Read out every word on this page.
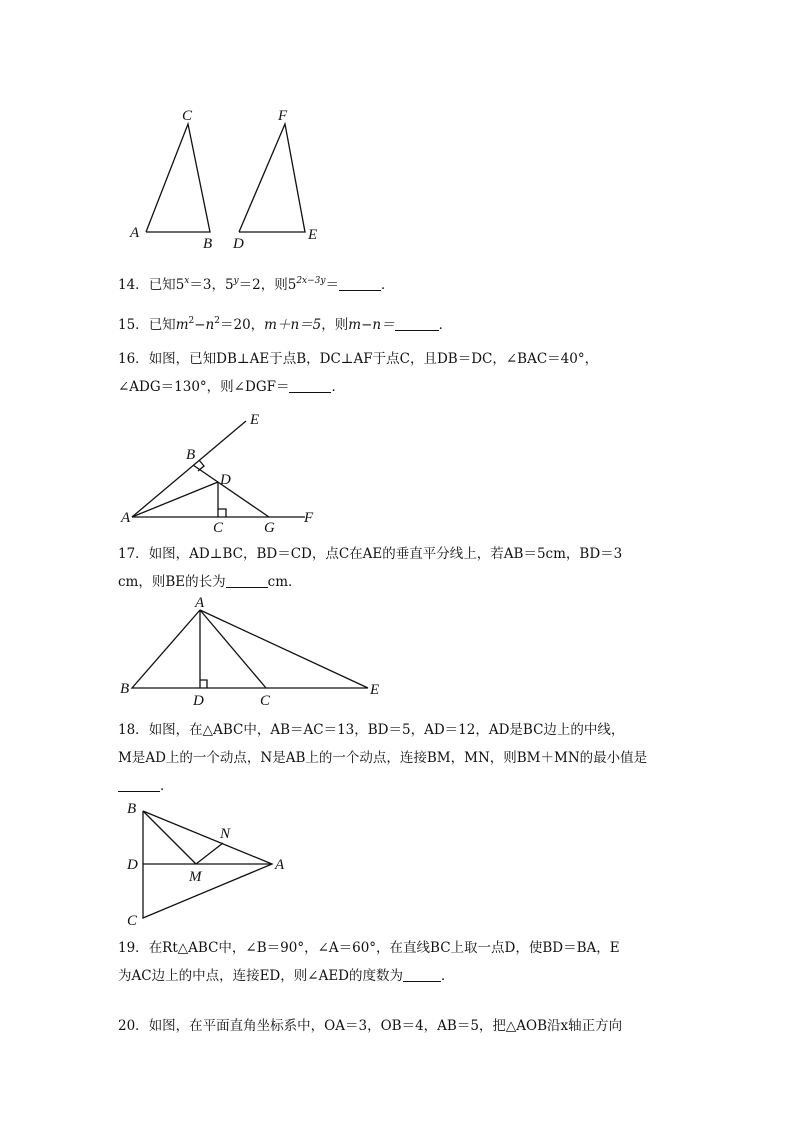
A
B
C
D
E
F
14．已知$5^x=3$，$5^y=2$，则$5^{2x-3y}=$	．
15．已知$m^2-n^2=20$，m＋n＝5，则m−n＝	．
16．如图，已知DB⊥AE于点B，DC⊥AF于点C，且DB＝DC，∠BAC＝40°，
∠ADG＝130°，则∠DGF＝	．
A
B
C
D
E
F
G
17．如图，AD⊥BC，BD＝CD，点C在AE的垂直平分线上，若AB＝5cm，BD＝3
cm，则BE的长为	cm．
A
B
C
D
E
18．如图，在△ABC中，AB＝AC＝13，BD＝5，AD＝12，AD是BC边上的中线，
M是AD上的一个动点，N是AB上的一个动点，连接BM，MN，则BM＋MN的最小值是
．
A
B
C
D
M
N
19．在Rt△ABC中，∠B＝90°，∠A＝60°，在直线BC上取一点D，使BD＝BA，E
为AC边上的中点，连接ED，则∠AED的度数为	．
20．如图，在平面直角坐标系中，OA＝3，OB＝4，AB＝5，把△AOB沿x轴正方向
